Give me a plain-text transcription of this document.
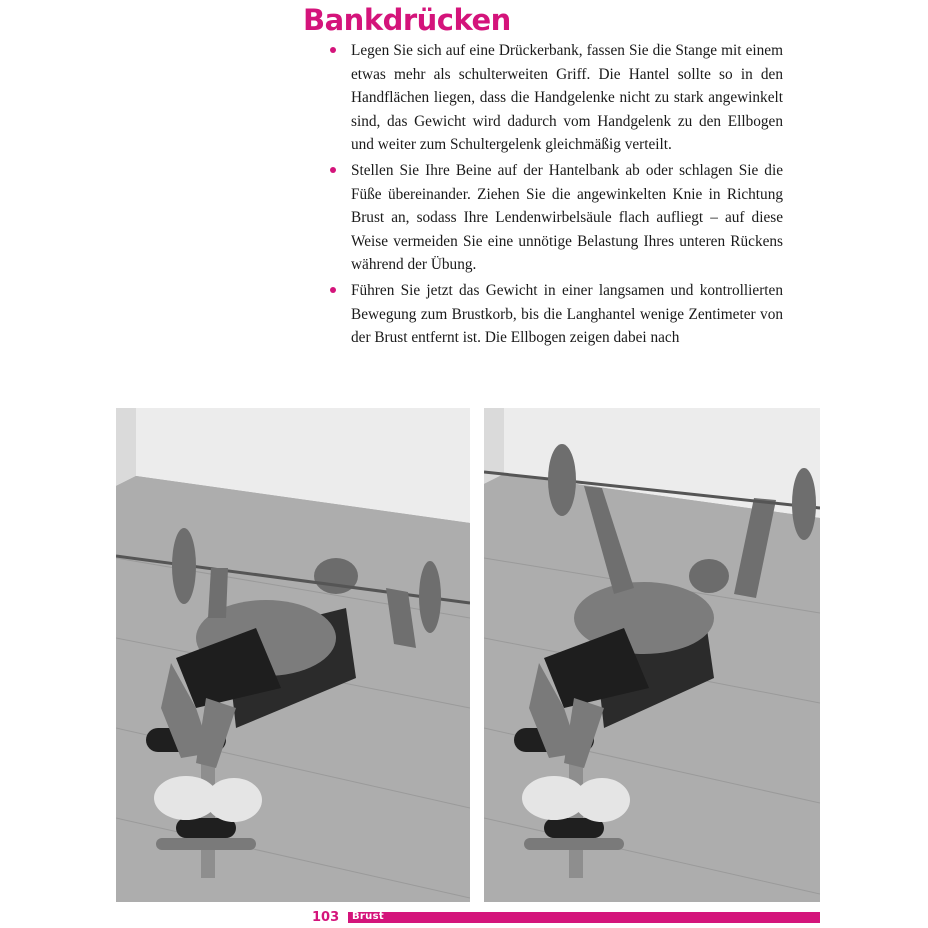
Bankdrücken
Legen Sie sich auf eine Drückerbank, fassen Sie die Stange mit einem etwas mehr als schulterweiten Griff. Die Hantel sollte so in den Handflächen liegen, dass die Handgelenke nicht zu stark angewinkelt sind, das Gewicht wird dadurch vom Handgelenk zu den Ellbogen und weiter zum Schultergelenk gleichmäßig verteilt.
Stellen Sie Ihre Beine auf der Hantelbank ab oder schlagen Sie die Füße übereinander. Ziehen Sie die angewinkelten Knie in Richtung Brust an, sodass Ihre Lendenwirbelsäule flach aufliegt – auf diese Weise vermeiden Sie eine unnötige Belastung Ihres unteren Rückens während der Übung.
Führen Sie jetzt das Gewicht in einer langsamen und kontrollierten Bewegung zum Brustkorb, bis die Langhantel wenige Zentimeter von der Brust entfernt ist. Die Ellbogen zeigen dabei nach
103 Brust
